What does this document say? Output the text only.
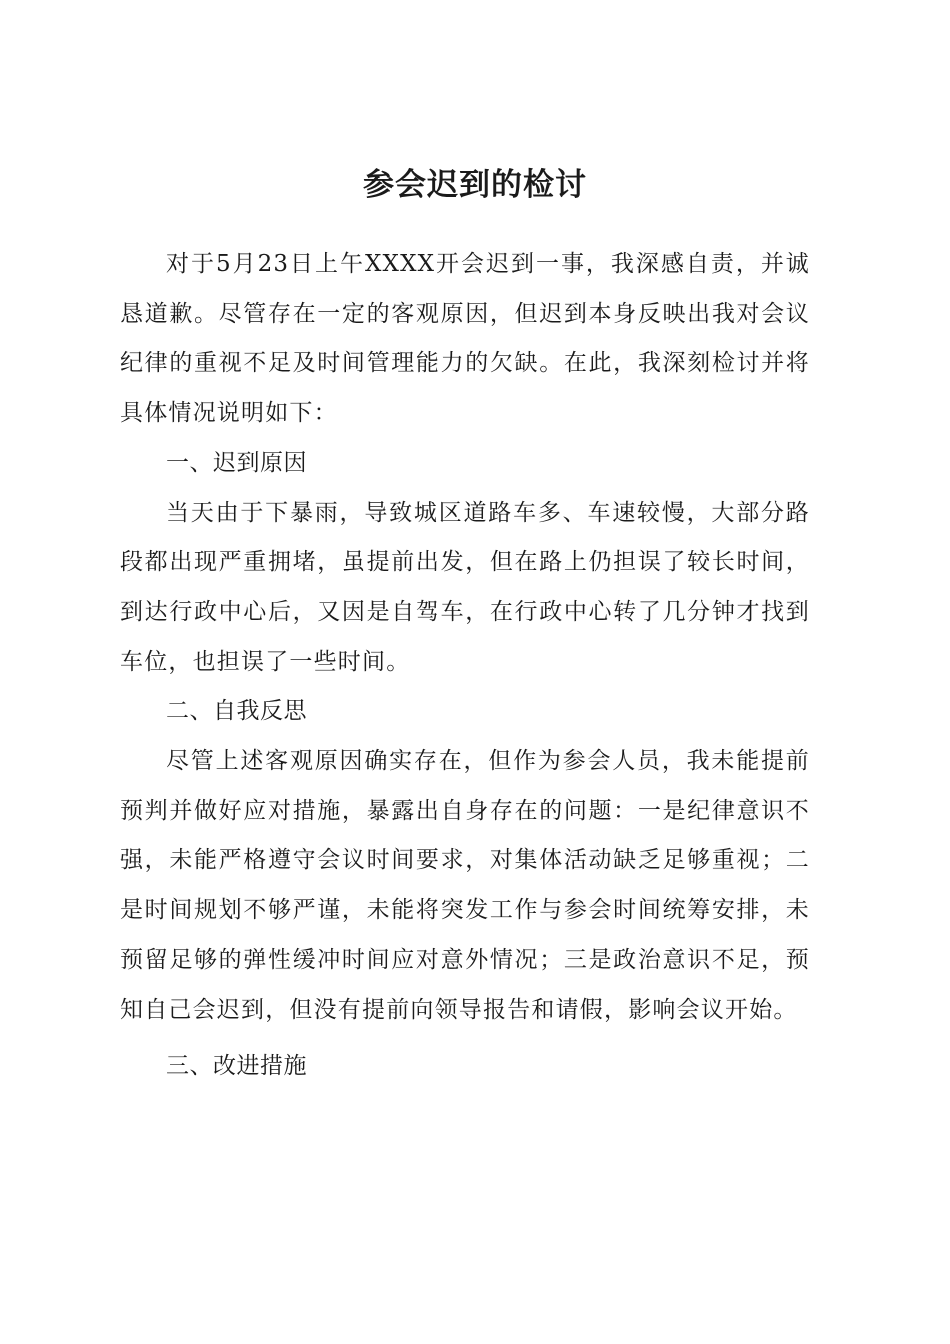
参会迟到的检讨

对于5月23日上午XXXX开会迟到一事，我深感自责，并诚恳道歉。尽管存在一定的客观原因，但迟到本身反映出我对会议纪律的重视不足及时间管理能力的欠缺。在此，我深刻检讨并将具体情况说明如下：

一、迟到原因

当天由于下暴雨，导致城区道路车多、车速较慢，大部分路段都出现严重拥堵，虽提前出发，但在路上仍担误了较长时间，到达行政中心后，又因是自驾车，在行政中心转了几分钟才找到车位，也担误了一些时间。

二、自我反思

尽管上述客观原因确实存在，但作为参会人员，我未能提前预判并做好应对措施，暴露出自身存在的问题：一是纪律意识不强，未能严格遵守会议时间要求，对集体活动缺乏足够重视；二是时间规划不够严谨，未能将突发工作与参会时间统筹安排，未预留足够的弹性缓冲时间应对意外情况；三是政治意识不足，预知自己会迟到，但没有提前向领导报告和请假，影响会议开始。

三、改进措施
